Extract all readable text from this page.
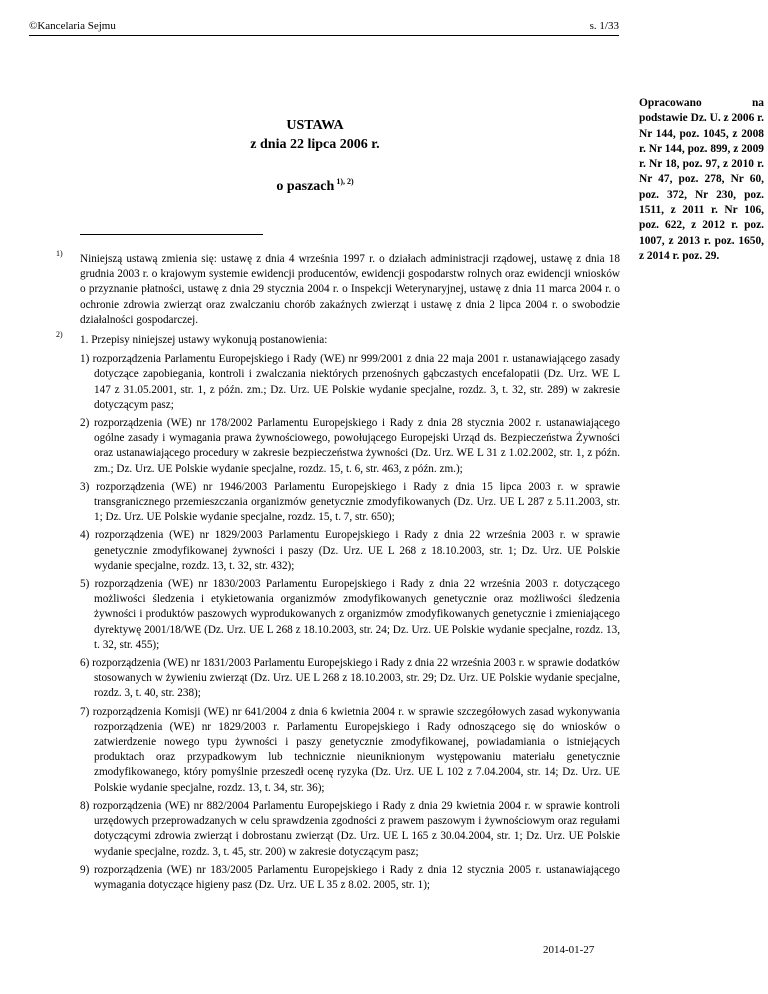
©Kancelaria Sejmu	s. 1/33
USTAWA
z dnia 22 lipca 2006 r.
o paszach $^{1), 2)}$

Opracowano na podstawie Dz. U. z 2006 r. Nr 144, poz. 1045, z 2008 r. Nr 144, poz. 899, z 2009 r. Nr 18, poz. 97, z 2010 r. Nr 47, poz. 278, Nr 60, poz. 372, Nr 230, poz. 1511, z 2011 r. Nr 106, poz. 622, z 2012 r. poz. 1007, z 2013 r. poz. 1650, z 2014 r. poz. 29.

1) Niniejszą ustawą zmienia się: ustawę z dnia 4 września 1997 r. o działach administracji rządowej, ustawę z dnia 18 grudnia 2003 r. o krajowym systemie ewidencji producentów, ewidencji gospodarstw rolnych oraz ewidencji wniosków o przyznanie płatności, ustawę z dnia 29 stycznia 2004 r. o Inspekcji Weterynaryjnej, ustawę z dnia 11 marca 2004 r. o ochronie zdrowia zwierząt oraz zwalczaniu chorób zakaźnych zwierząt i ustawę z dnia 2 lipca 2004 r. o swobodzie działalności gospodarczej.

2) 1. Przepisy niniejszej ustawy wykonują postanowienia:

1) rozporządzenia Parlamentu Europejskiego i Rady (WE) nr 999/2001 z dnia 22 maja 2001 r. ustanawiającego zasady dotyczące zapobiegania, kontroli i zwalczania niektórych przenośnych gąbczastych encefalopatii (Dz. Urz. WE L 147 z 31.05.2001, str. 1, z późn. zm.; Dz. Urz. UE Polskie wydanie specjalne, rozdz. 3, t. 32, str. 289) w zakresie dotyczącym pasz;
2) rozporządzenia (WE) nr 178/2002 Parlamentu Europejskiego i Rady z dnia 28 stycznia 2002 r. ustanawiającego ogólne zasady i wymagania prawa żywnościowego, powołującego Europejski Urząd ds. Bezpieczeństwa Żywności oraz ustanawiającego procedury w zakresie bezpieczeństwa żywności (Dz. Urz. WE L 31 z 1.02.2002, str. 1, z późn. zm.; Dz. Urz. UE Polskie wydanie specjalne, rozdz. 15, t. 6, str. 463, z późn. zm.);
3) rozporządzenia (WE) nr 1946/2003 Parlamentu Europejskiego i Rady z dnia 15 lipca 2003 r. w sprawie transgranicznego przemieszczania organizmów genetycznie zmodyfikowanych (Dz. Urz. UE L 287 z 5.11.2003, str. 1; Dz. Urz. UE Polskie wydanie specjalne, rozdz. 15, t. 7, str. 650);
4) rozporządzenia (WE) nr 1829/2003 Parlamentu Europejskiego i Rady z dnia 22 września 2003 r. w sprawie genetycznie zmodyfikowanej żywności i paszy (Dz. Urz. UE L 268 z 18.10.2003, str. 1; Dz. Urz. UE Polskie wydanie specjalne, rozdz. 13, t. 32, str. 432);
5) rozporządzenia (WE) nr 1830/2003 Parlamentu Europejskiego i Rady z dnia 22 września 2003 r. dotyczącego możliwości śledzenia i etykietowania organizmów zmodyfikowanych genetycznie oraz możliwości śledzenia żywności i produktów paszowych wyprodukowanych z organizmów zmodyfikowanych genetycznie i zmieniającego dyrektywę 2001/18/WE (Dz. Urz. UE L 268 z 18.10.2003, str. 24; Dz. Urz. UE Polskie wydanie specjalne, rozdz. 13, t. 32, str. 455);
6) rozporządzenia (WE) nr 1831/2003 Parlamentu Europejskiego i Rady z dnia 22 września 2003 r. w sprawie dodatków stosowanych w żywieniu zwierząt (Dz. Urz. UE L 268 z 18.10.2003, str. 29; Dz. Urz. UE Polskie wydanie specjalne, rozdz. 3, t. 40, str. 238);
7) rozporządzenia Komisji (WE) nr 641/2004 z dnia 6 kwietnia 2004 r. w sprawie szczegółowych zasad wykonywania rozporządzenia (WE) nr 1829/2003 r. Parlamentu Europejskiego i Rady odnoszącego się do wniosków o zatwierdzenie nowego typu żywności i paszy genetycznie zmodyfikowanej, powiadamiania o istniejących produktach oraz przypadkowym lub technicznie nieuniknionym występowaniu materiału genetycznie zmodyfikowanego, który pomyślnie przeszedł ocenę ryzyka (Dz. Urz. UE L 102 z 7.04.2004, str. 14; Dz. Urz. UE Polskie wydanie specjalne, rozdz. 13, t. 34, str. 36);
8) rozporządzenia (WE) nr 882/2004 Parlamentu Europejskiego i Rady z dnia 29 kwietnia 2004 r. w sprawie kontroli urzędowych przeprowadzanych w celu sprawdzenia zgodności z prawem paszowym i żywnościowym oraz regułami dotyczącymi zdrowia zwierząt i dobrostanu zwierząt (Dz. Urz. UE L 165 z 30.04.2004, str. 1; Dz. Urz. UE Polskie wydanie specjalne, rozdz. 3, t. 45, str. 200) w zakresie dotyczącym pasz;
9) rozporządzenia (WE) nr 183/2005 Parlamentu Europejskiego i Rady z dnia 12 stycznia 2005 r. ustanawiającego wymagania dotyczące higieny pasz (Dz. Urz. UE L 35 z 8.02. 2005, str. 1);
2014-01-27
